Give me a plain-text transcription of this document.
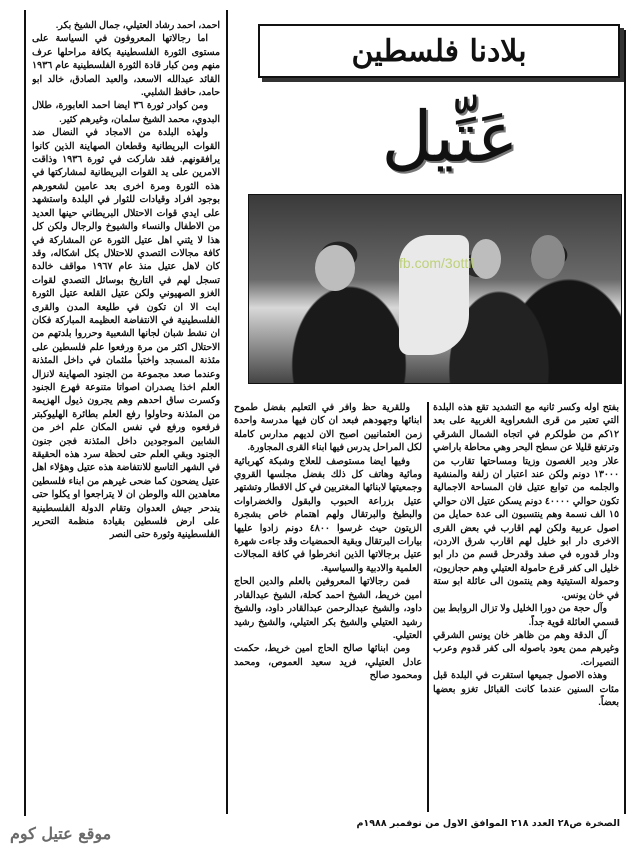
بلادنا فلسطين
عَتِّيل
fb.com/3ottil

احمد، احمد رشاد العتيلي، جمال الشيخ بكر.

اما رجالاتها المعروفون في السياسة على مستوى الثورة الفلسطينية بكافة مراحلها عرف منهم ومن كبار قادة الثورة الفلسطينية عام ١٩٣٦ القائد عبدالله الاسعد، والعبد الصادق، خالد ابو حامد، حافظ الشلبي.

ومن كوادر ثورة ٣٦ ايضا احمد العابورة، طلال البدوي، محمد الشيخ سلمان، وغيرهم كثير.

ولهذه البلدة من الامجاد في النضال ضد القوات البريطانية وقطعان الصهاينة الذين كانوا يرافقونهم. فقد شاركت في ثورة ١٩٣٦ وذاقت الامرين على يد القوات البريطانية لمشاركتها في هذه الثورة ومرة اخرى بعد عامين لشعورهم بوجود افراد وقيادات للثوار في البلدة واستشهد على ايدي قوات الاحتلال البريطاني حينها العديد من الاطفال والنساء والشيوخ والرجال ولكن كل هذا لا يثني اهل عتيل الثورة عن المشاركة في كافة مجالات التصدي للاحتلال بكل اشكاله، وقد كان لاهل عتيل منذ عام ١٩٦٧ مواقف خالدة تسجل لهم في التاريخ بوسائل التصدي لقوات الغزو الصهيوني ولكن عتيل القلعة عتيل الثورة ابت الا ان تكون في طليعة المدن والقرى الفلسطينية في الانتفاضة العظيمة المباركة فكان ان نشط شبان لجانها الشعبية وحرروا بلدتهم من الاحتلال اكثر من مرة ورفعوا علم فلسطين على مئذنة المسجد واختبأ ملثمان في داخل المئذنة وعندما صعد مجموعة من الجنود الصهاينة لانزال العلم اخذا يصدران اصواتا متنوعة فهرع الجنود وكسرت ساق احدهم وهم يجرون ذيول الهزيمة من المئذنة وحاولوا رفع العلم بطائرة الهليوكبتر فرفعوه ورفع في نفس المكان علم اخر من الشابين الموجودين داخل المئذنة فجن جنون الجنود وبقي العلم حتى لحظة سرد هذه الحقيقة في الشهر التاسع للانتفاضة هذه عتيل وهؤلاء اهل عتيل يضحون كما ضحى غيرهم من ابناء فلسطين معاهدين الله والوطن ان لا يتراجعوا او يكلوا حتى يندحر جيش العدوان وتقام الدولة الفلسطينية على ارض فلسطين بقيادة منظمة التحرير الفلسطينية وثورة حتى النصر

وللقرية حظ وافر في التعليم بفضل طموح ابنائها وجهودهم فبعد ان كان فيها مدرسة واحدة زمن العثمانيين اصبح الان لديهم مدارس كاملة لكل المراحل يدرس فيها ابناء القرى المجاورة.

وفيها ايضا مستوصف للعلاج وشبكة كهربائية ومائية وهاتف كل ذلك بفضل مجلسها القروي وجمعيتها لابنائها المغتربين في كل الاقطار وتشتهر عتيل بزراعة الحبوب والبقول والخضراوات والبطيخ والبرتقال ولهم اهتمام خاص بشجرة الزيتون حيث غرسوا ٤٨٠٠ دونم زادوا عليها بيارات البرتقال وبقية الحمضيات وقد جاءت شهرة عتيل برجالاتها الذين انخرطوا في كافة المجالات العلمية والادبية والسياسية.

فمن رجالاتها المعروفين بالعلم والدين الحاج امين خريط، الشيخ احمد كحلة، الشيخ عبدالقادر داود، والشيخ عبدالرحمن عبدالقادر داود، والشيخ رشيد العتيلي والشيخ بكر العتيلي، والشيخ رشيد العتيلي.

ومن ابنائها صالح الحاج امين خريط، حكمت عادل العتيلي، فريد سعيد العموص، ومحمد ومحمود صالح

بفتح اوله وكسر ثانيه مع التشديد تقع هذه البلدة التي تعتبر من قرى الشعراوية الغربية على بعد ١٢كم من طولكرم في اتجاه الشمال الشرقي وترتفع قليلا عن سطح البحر وهي محاطة باراضي علار ودير الغصون وزيتا ومساحتها تقارب من ١٣٠٠٠ دونم ولكن عند اعتبار ان زلفة والمنشية والجلمه من توابع عتيل فان المساحة الاجمالية تكون حوالي ٤٠٠٠٠ دونم يسكن عتيل الان حوالي ١٥ الف نسمة وهم ينتسبون الى عدة حمايل من اصول عربية ولكن لهم اقارب في بعض القرى الاخرى دار ابو خليل لهم اقارب شرق الاردن، ودار قدوره في صفد وقدرحل قسم من دار ابو خليل الى كفر قرع حامولة العتيلي وهم حجازيون، وحمولة الستيتية وهم ينتمون الى عائلة ابو ستة في خان يونس.

وآل حجة من دورا الخليل ولا تزال الروابط بين قسمي العائلة قوية جداً.

آل الدقة وهم من ظاهر خان يونس الشرقي وغيرهم ممن يعود باصوله الى كفر قدوم وعرب النصيرات.

وهذه الاصول جميعها استقرت في البلدة قبل مئات السنين عندما كانت القبائل تغزو بعضها بعضاً.

الصخرة ص٢٨ العدد ٢١٨ الموافق الاول من نوفمبر ١٩٨٨م
موقع عتيل كوم
